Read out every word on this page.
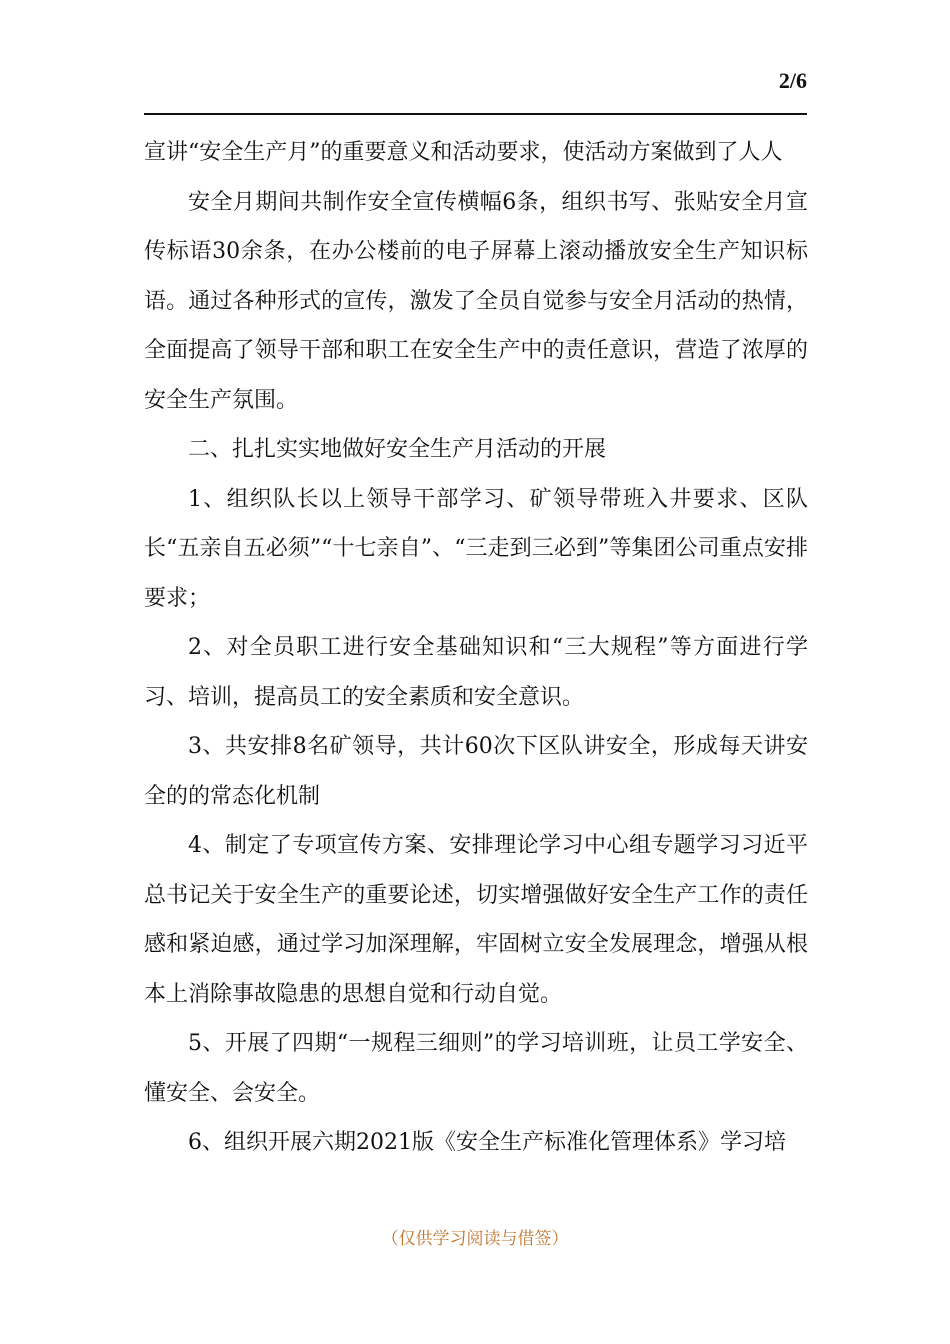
2/6

宣讲“安全生产月”的重要意义和活动要求，使活动方案做到了人人

安全月期间共制作安全宣传横幅6条，组织书写、张贴安全月宣传标语30余条，在办公楼前的电子屏幕上滚动播放安全生产知识标语。通过各种形式的宣传，激发了全员自觉参与安全月活动的热情，全面提高了领导干部和职工在安全生产中的责任意识，营造了浓厚的安全生产氛围。

二、扎扎实实地做好安全生产月活动的开展

1、组织队长以上领导干部学习、矿领导带班入井要求、区队长“五亲自五必须”“十七亲自”、“三走到三必到”等集团公司重点安排要求；

2、对全员职工进行安全基础知识和“三大规程”等方面进行学习、培训，提高员工的安全素质和安全意识。

3、共安排8名矿领导，共计60次下区队讲安全，形成每天讲安全的的常态化机制

4、制定了专项宣传方案、安排理论学习中心组专题学习习近平总书记关于安全生产的重要论述，切实增强做好安全生产工作的责任感和紧迫感，通过学习加深理解，牢固树立安全发展理念，增强从根本上消除事故隐患的思想自觉和行动自觉。

5、开展了四期“一规程三细则”的学习培训班，让员工学安全、懂安全、会安全。

6、组织开展六期2021版《安全生产标准化管理体系》学习培

（仅供学习阅读与借签）
